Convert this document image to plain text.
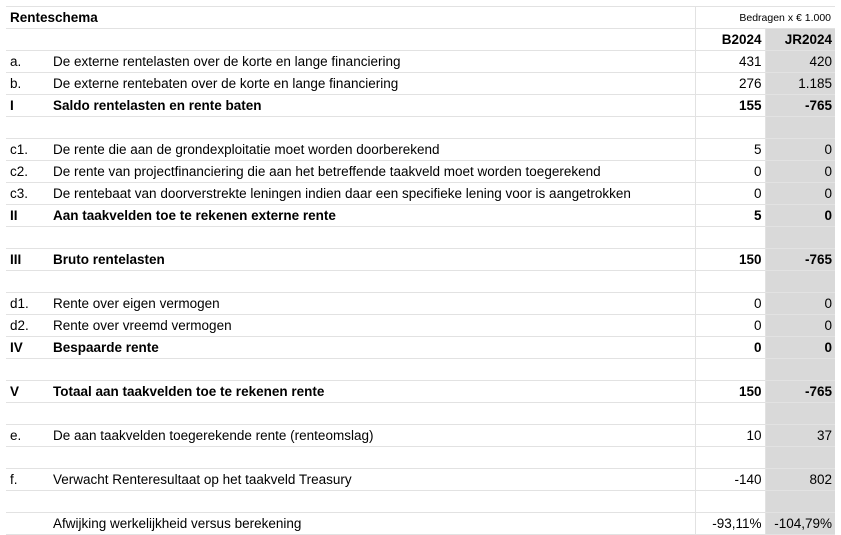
Renteschema		Bedragen x € 1.000	
		B2024	JR2024
a.	De externe rentelasten over de korte en lange financiering	431	420
b.	De externe rentebaten over de korte en lange financiering	276	1.185
I	Saldo rentelasten en rente baten	155	-765

c1.	De rente die aan de grondexploitatie moet worden doorberekend	5	0
c2.	De rente van projectfinanciering die aan het betreffende taakveld moet worden toegerekend	0	0
c3.	De rentebaat van doorverstrekte leningen indien daar een specifieke lening voor is aangetrokken	0	0
II	Aan taakvelden toe te rekenen externe rente	5	0

III	Bruto rentelasten	150	-765

d1.	Rente over eigen vermogen	0	0
d2.	Rente over vreemd vermogen	0	0
IV	Bespaarde rente	0	0

V	Totaal aan taakvelden toe te rekenen rente	150	-765

e.	De aan taakvelden toegerekende rente (renteomslag)	10	37

f.	Verwacht Renteresultaat op het taakveld Treasury	-140	802

	Afwijking werkelijkheid versus berekening	-93,11%	-104,79%
